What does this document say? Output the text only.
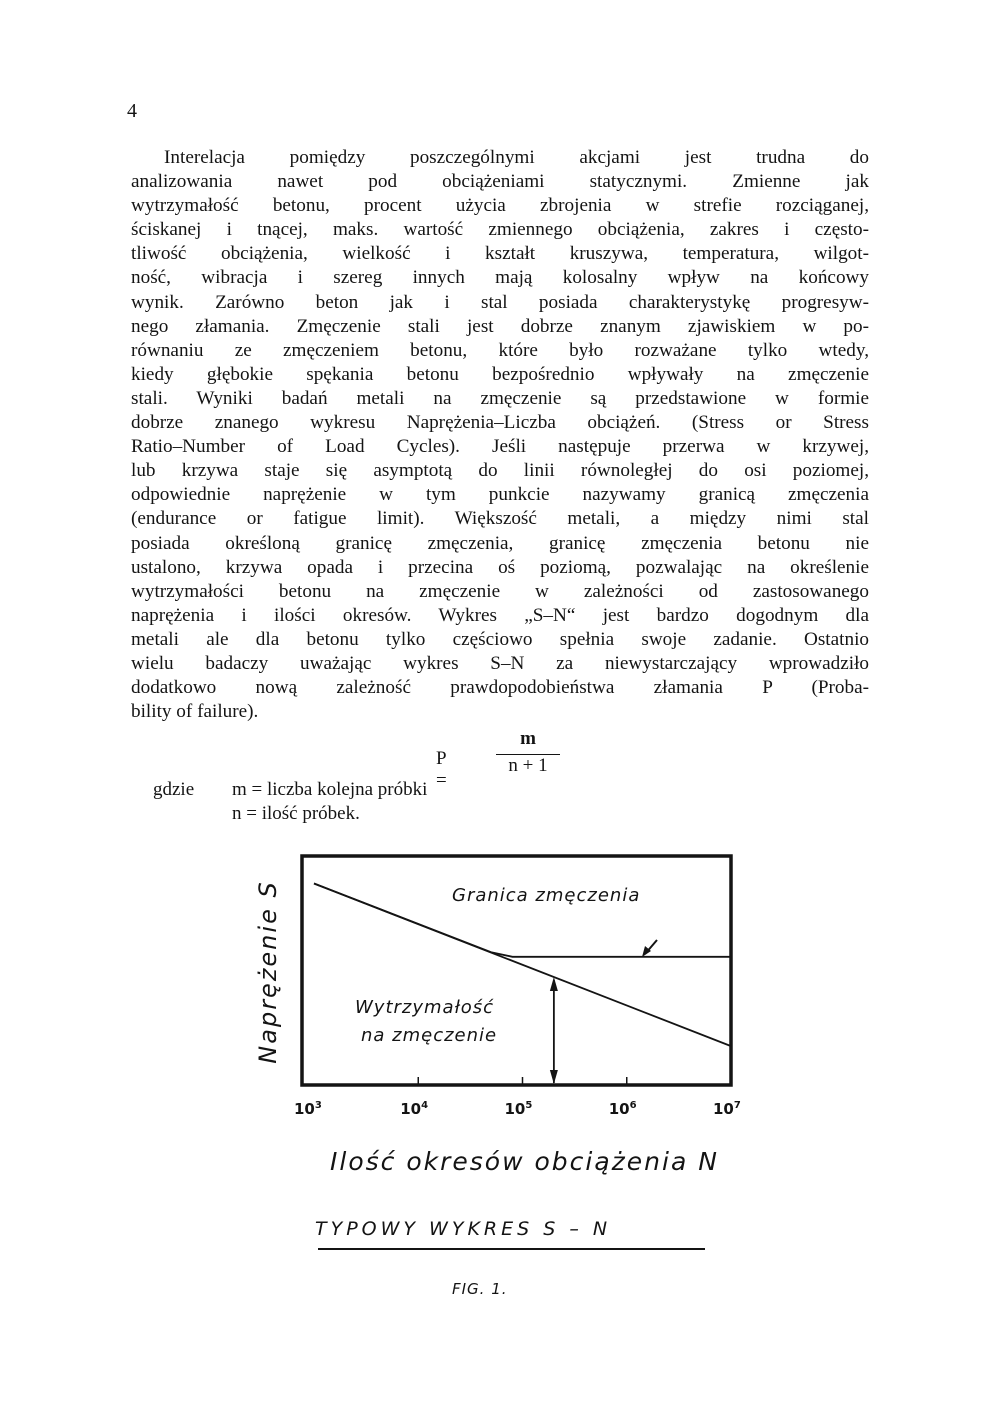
4
Interelacja pomiędzy poszczególnymi akcjami jest trudna do
analizowania nawet pod obciążeniami statycznymi. Zmienne jak
wytrzymałość betonu, procent użycia zbrojenia w strefie rozciąganej,
ściskanej i tnącej, maks. wartość zmiennego obciążenia, zakres i często-
tliwość obciążenia, wielkość i kształt kruszywa, temperatura, wilgot-
ność, wibracja i szereg innych mają kolosalny wpływ na końcowy
wynik. Zarówno beton jak i stal posiada charakterystykę progresyw-
nego złamania. Zmęczenie stali jest dobrze znanym zjawiskiem w po-
równaniu ze zmęczeniem betonu, które było rozważane tylko wtedy,
kiedy głębokie spękania betonu bezpośrednio wpływały na zmęczenie
stali. Wyniki badań metali na zmęczenie są przedstawione w formie
dobrze znanego wykresu Naprężenia–Liczba obciążeń. (Stress or Stress
Ratio–Number of Load Cycles). Jeśli następuje przerwa w krzywej,
lub krzywa staje się asymptotą do linii równoległej do osi poziomej,
odpowiednie naprężenie w tym punkcie nazywamy granicą zmęczenia
(endurance or fatigue limit). Większość metali, a między nimi stal
posiada określoną granicę zmęczenia, granicę zmęczenia betonu nie
ustalono, krzywa opada i przecina oś poziomą, pozwalając na określenie
wytrzymałości betonu na zmęczenie w zależności od zastosowanego
naprężenia i ilości okresów. Wykres „S–N“ jest bardzo dogodnym dla
metali ale dla betonu tylko częściowo spełnia swoje zadanie. Ostatnio
wielu badaczy uważając wykres S–N za niewystarczający wprowadziło
dodatkowo nową zależność prawdopodobieństwa złamania P (Proba-
bility of failure).
P =
m
n + 1
gdzie m = liczba kolejna próbki
n = ilość próbek.
Naprężenie S
$10^3$	$10^4$	$10^5$	$10^6$	$10^7$
Granica zmęczenia
Wytrzymałość
na zmęczenie
Ilość okresów obciążenia N
TYPOWY WYKRES S – N
FIG. 1.
